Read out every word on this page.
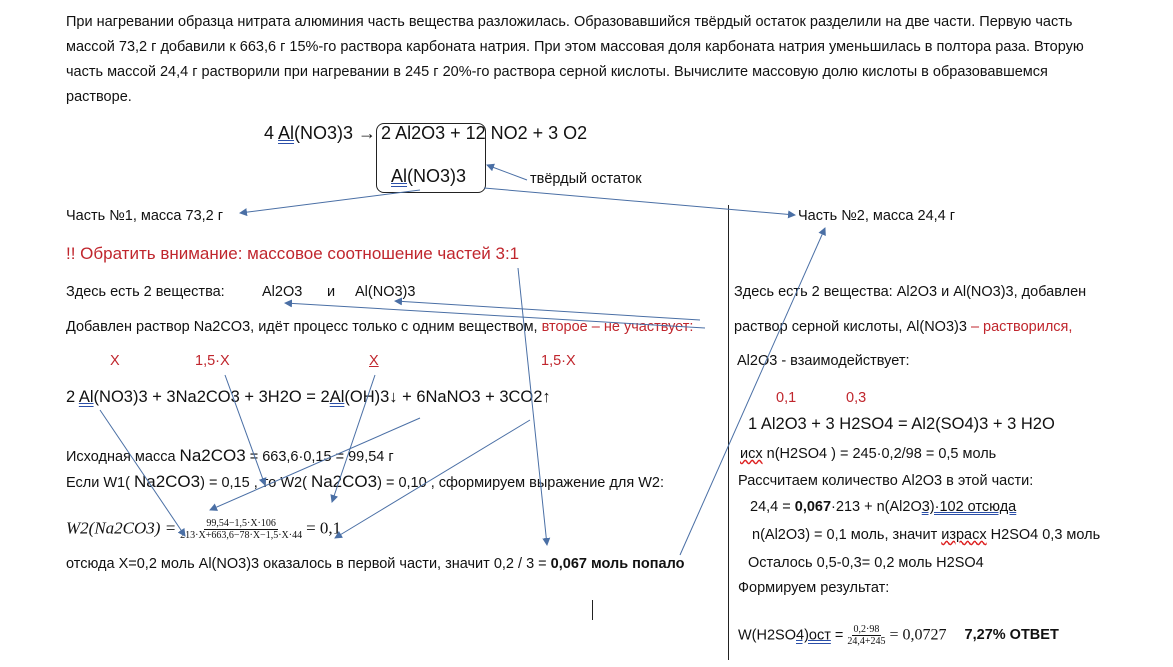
При нагревании образца нитрата алюминия часть вещества разложилась. Образовавшийся твёрдый остаток разделили на две части. Первую часть
массой 73,2 г добавили к 663,6 г 15%-го раствора карбоната натрия. При этом массовая доля карбоната натрия уменьшилась в полтора раза. Вторую
часть массой 24,4 г растворили при нагревании в 245 г 20%-го раствора серной кислоты. Вычислите массовую долю кислоты в образовавшемся
растворе.
4 Al(NO3)3 → 2 Al2O3 + 12 NO2 + 3 O2
Al(NO3)3	твёрдый остаток
Часть №1, масса 73,2 г
!! Обратить внимание: массовое соотношение частей 3:1
Здесь есть 2 вещества:	Al2O3 и Al(NO3)3
Добавлен раствор Na2CO3, идёт процесс только с одним веществом, второе – не участвует:
Х	1,5·Х	Х	1,5·Х
2 Al(NO3)3 + 3Na2CO3 + 3H2O = 2Al(OH)3↓ + 6NaNO3 + 3CO2↑
Исходная масса Na2CO3 = 663,6·0,15 = 99,54 г
Если W1( Na2CO3) = 0,15 , то W2( Na2CO3) = 0,10 , сформируем выражение для W2:
$W2(Na2CO3) = \frac{99,54-1,5\cdot X\cdot 106}{213\cdot X+663,6-78\cdot X-1,5\cdot X\cdot 44} = 0,1$
отсюда X=0,2 моль Al(NO3)3 оказалось в первой части, значит 0,2 / 3 = 0,067 моль попало
Часть №2, масса 24,4 г
Здесь есть 2 вещества: Al2O3 и Al(NO3)3, добавлен
раствор серной кислоты, Al(NO3)3 – растворился,
Al2O3 - взаимодействует:
0,1	0,3
1 Al2O3 + 3 H2SO4 = Al2(SO4)3 + 3 H2O
исх n(H2SO4 ) = 245·0,2/98 = 0,5 моль
Рассчитаем количество Al2O3 в этой части:
24,4 = 0,067·213 + n(Al2O3)·102 отсюда
n(Al2O3) = 0,1 моль, значит израсх H2SO4 0,3 моль
Осталось 0,5-0,3= 0,2 моль H2SO4
Формируем результат:
$W(H2SO4)ост = \frac{0,2\cdot 98}{24,4+245} = 0,0727$ 7,27% ОТВЕТ
